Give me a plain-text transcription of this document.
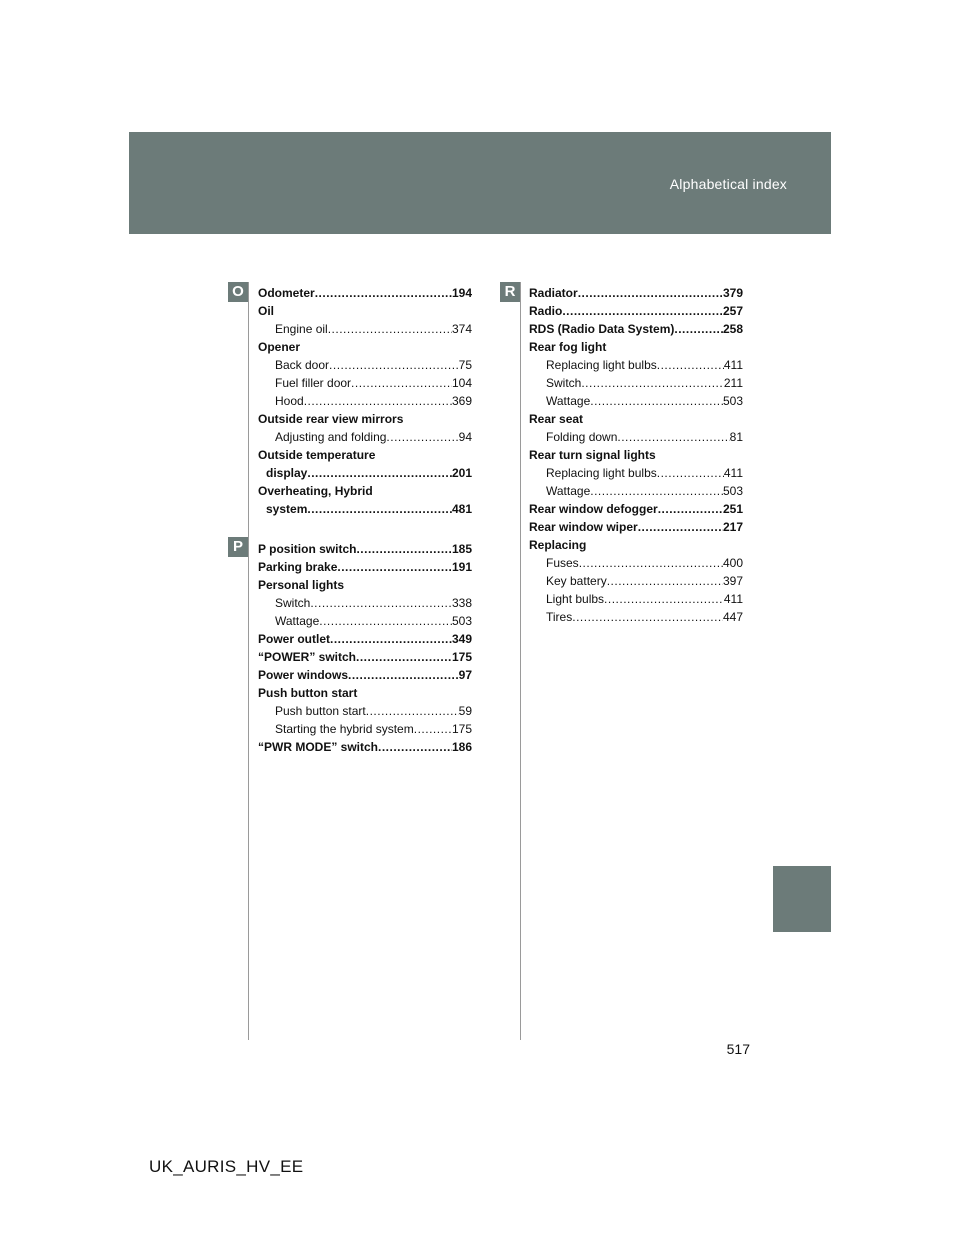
Alphabetical index
O
P
R
Odometer .....	194
Oil
Engine oil .....	374
Opener
Back door .....	75
Fuel filler door .....	104
Hood .....	369
Outside rear view mirrors
Adjusting and folding .....	94
Outside temperature
display .....	201
Overheating, Hybrid
system .....	481
P position switch .....	185
Parking brake .....	191
Personal lights
Switch .....	338
Wattage .....	503
Power outlet .....	349
“POWER” switch .....	175
Power windows .....	97
Push button start
Push button start .....	59
Starting the hybrid system .....	175
“PWR MODE” switch .....	186
Radiator .....	379
Radio .....	257
RDS (Radio Data System) .....	258
Rear fog light
Replacing light bulbs .....	411
Switch .....	211
Wattage .....	503
Rear seat
Folding down .....	81
Rear turn signal lights
Replacing light bulbs .....	411
Wattage .....	503
Rear window defogger .....	251
Rear window wiper .....	217
Replacing
Fuses .....	400
Key battery .....	397
Light bulbs .....	411
Tires .....	447
517
UK_AURIS_HV_EE
